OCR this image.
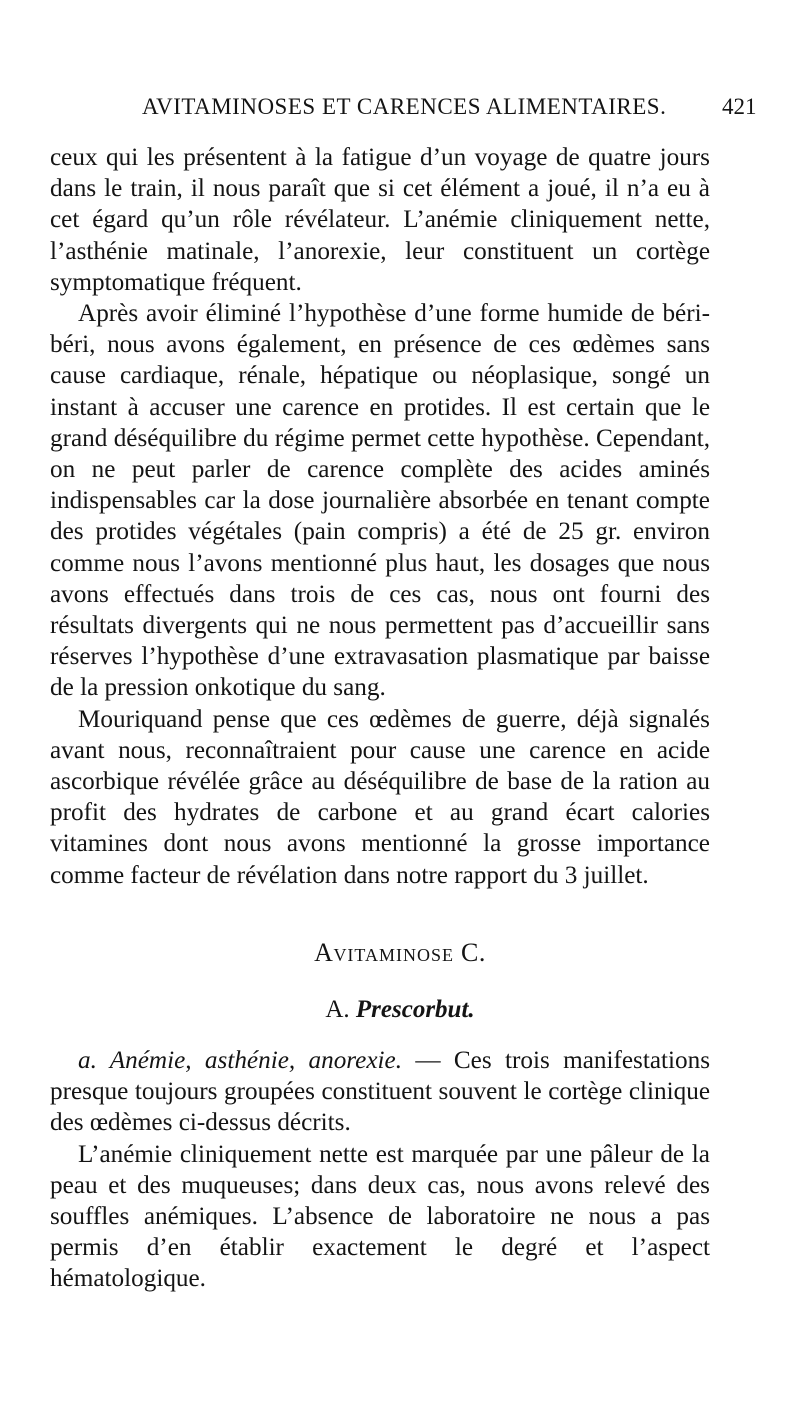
AVITAMINOSES ET CARENCES ALIMENTAIRES. 421

ceux qui les présentent à la fatigue d’un voyage de quatre jours dans le train, il nous paraît que si cet élément a joué, il n’a eu à cet égard qu’un rôle révélateur. L’anémie cliniquement nette, l’asthénie matinale, l’anorexie, leur constituent un cortège symptomatique fréquent.

Après avoir éliminé l’hypothèse d’une forme humide de béri-béri, nous avons également, en présence de ces œdèmes sans cause cardiaque, rénale, hépatique ou néoplasique, songé un instant à accuser une carence en protides. Il est certain que le grand déséquilibre du régime permet cette hypothèse. Cependant, on ne peut parler de carence complète des acides aminés indispensables car la dose journalière absorbée en tenant compte des protides végétales (pain compris) a été de 25 gr. environ comme nous l’avons mentionné plus haut, les dosages que nous avons effectués dans trois de ces cas, nous ont fourni des résultats divergents qui ne nous permettent pas d’accueillir sans réserves l’hypothèse d’une extravasation plasmatique par baisse de la pression onkotique du sang.

Mouriquand pense que ces œdèmes de guerre, déjà signalés avant nous, reconnaîtraient pour cause une carence en acide ascorbique révélée grâce au déséquilibre de base de la ration au profit des hydrates de carbone et au grand écart calories vitamines dont nous avons mentionné la grosse importance comme facteur de révélation dans notre rapport du 3 juillet.

AVITAMINOSE C.
A. Prescorbut.

a. Anémie, asthénie, anorexie. — Ces trois manifestations presque toujours groupées constituent souvent le cortège clinique des œdèmes ci-dessus décrits.

L’anémie cliniquement nette est marquée par une pâleur de la peau et des muqueuses; dans deux cas, nous avons relevé des souffles anémiques. L’absence de laboratoire ne nous a pas permis d’en établir exactement le degré et l’aspect hématologique.
